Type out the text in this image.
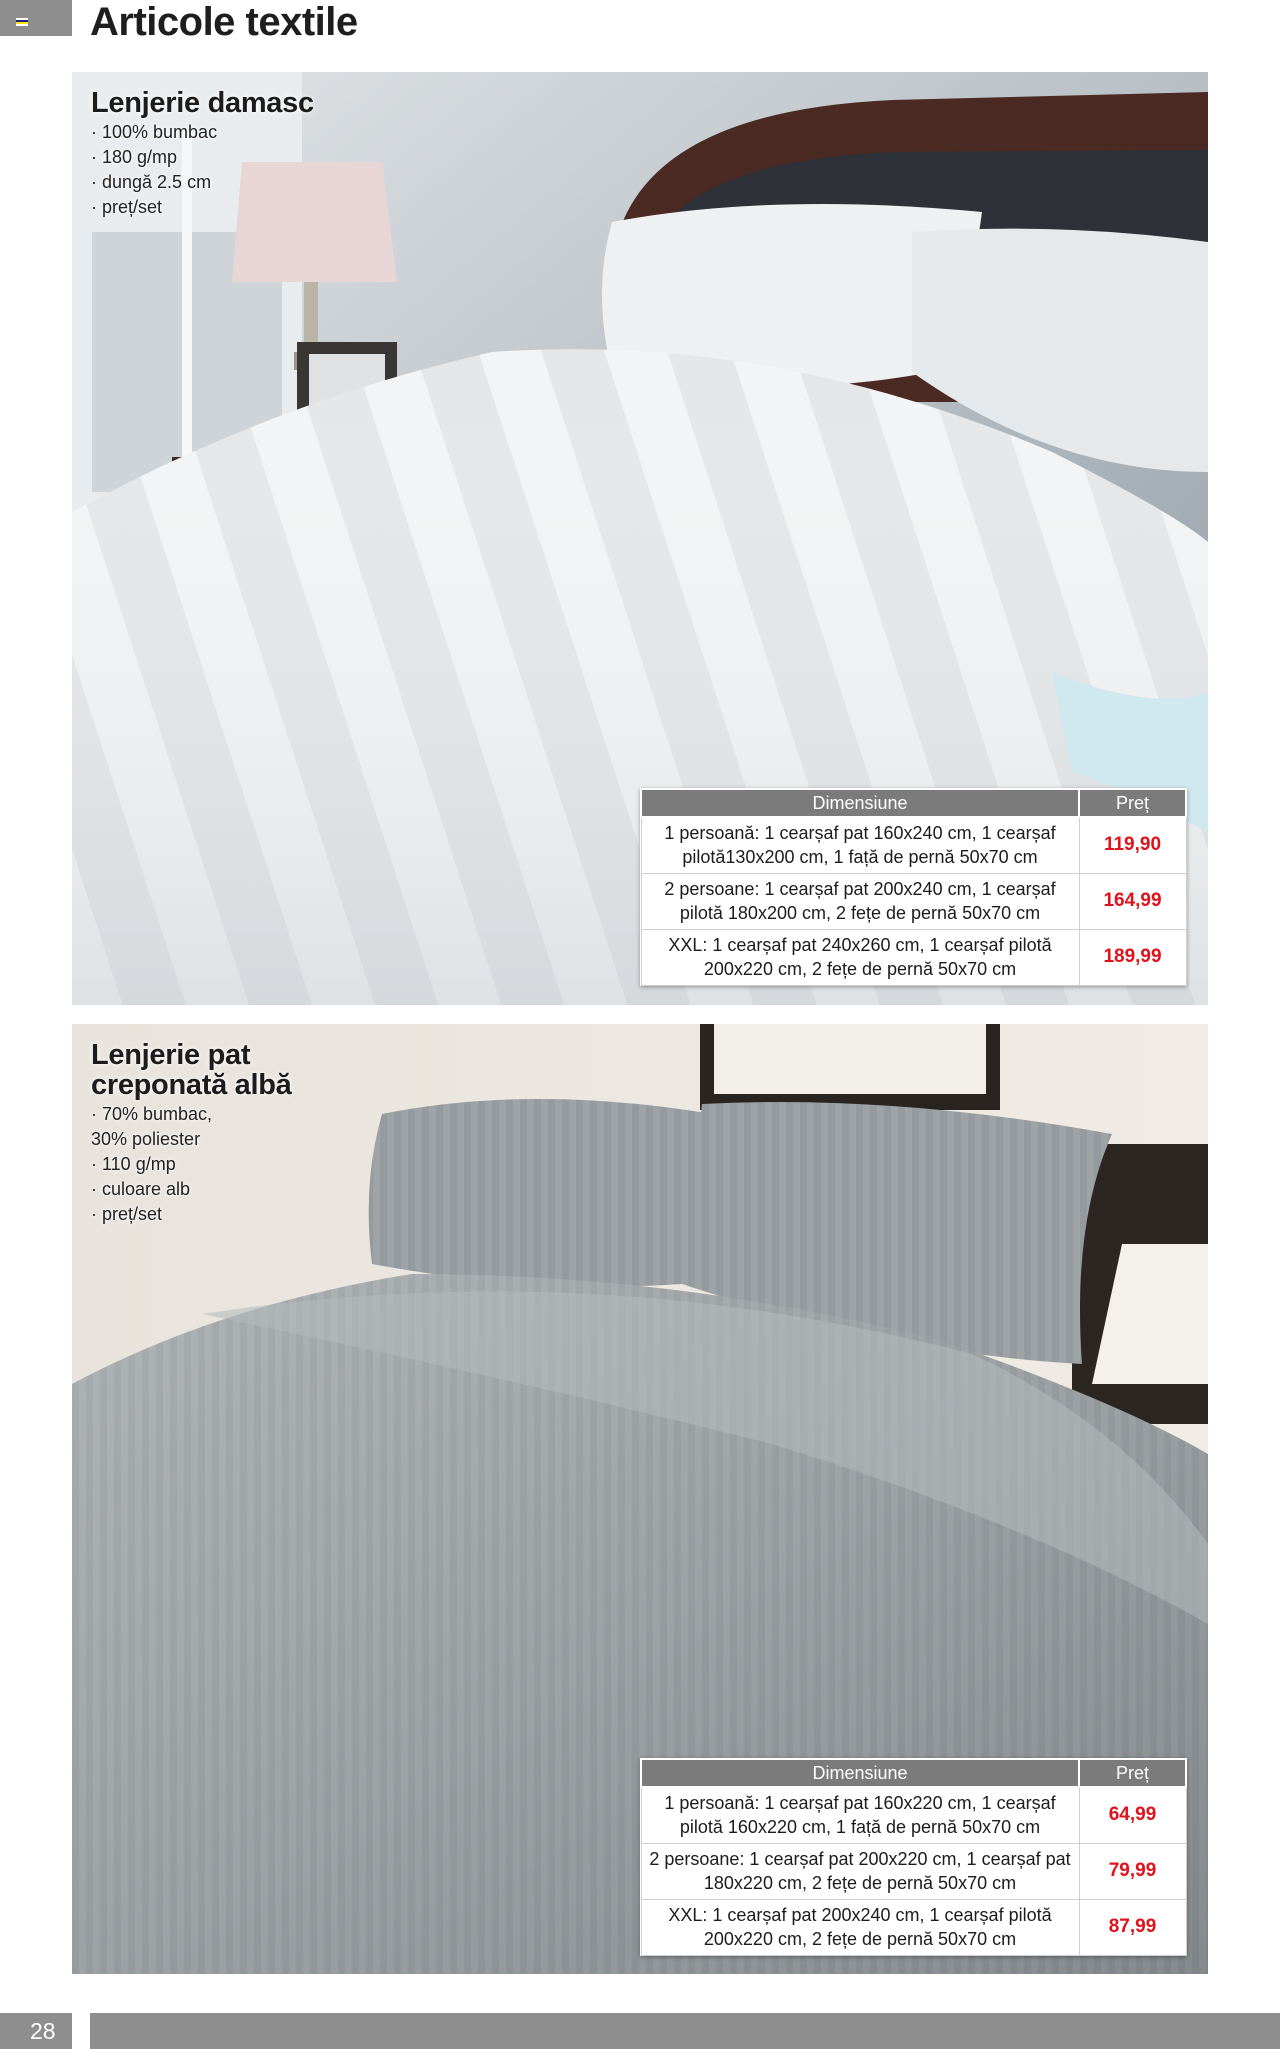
Articole textile
Lenjerie damasc
· 100% bumbac
· 180 g/mp
· dungă 2.5 cm
· preț/set
Dimensiune	Preț

1 persoană: 1 cearșaf pat 160x240 cm, 1 cearșaf
pilotă130x200 cm, 1 față de pernă 50x70 cm	119,90

2 persoane: 1 cearșaf pat 200x240 cm, 1 cearșaf
pilotă 180x200 cm, 2 fețe de pernă 50x70 cm	164,99

XXL: 1 cearșaf pat 240x260 cm, 1 cearșaf pilotă
200x220 cm, 2 fețe de pernă 50x70 cm	189,99
Lenjerie pat
creponată albă
· 70% bumbac,
30% poliester
· 110 g/mp
· culoare alb
· preț/set
Dimensiune	Preț

1 persoană: 1 cearșaf pat 160x220 cm, 1 cearșaf
pilotă 160x220 cm, 1 față de pernă 50x70 cm	64,99

2 persoane: 1 cearșaf pat 200x220 cm, 1 cearșaf pat
180x220 cm, 2 fețe de pernă 50x70 cm	79,99

XXL: 1 cearșaf pat 200x240 cm, 1 cearșaf pilotă
200x220 cm, 2 fețe de pernă 50x70 cm	87,99
28
